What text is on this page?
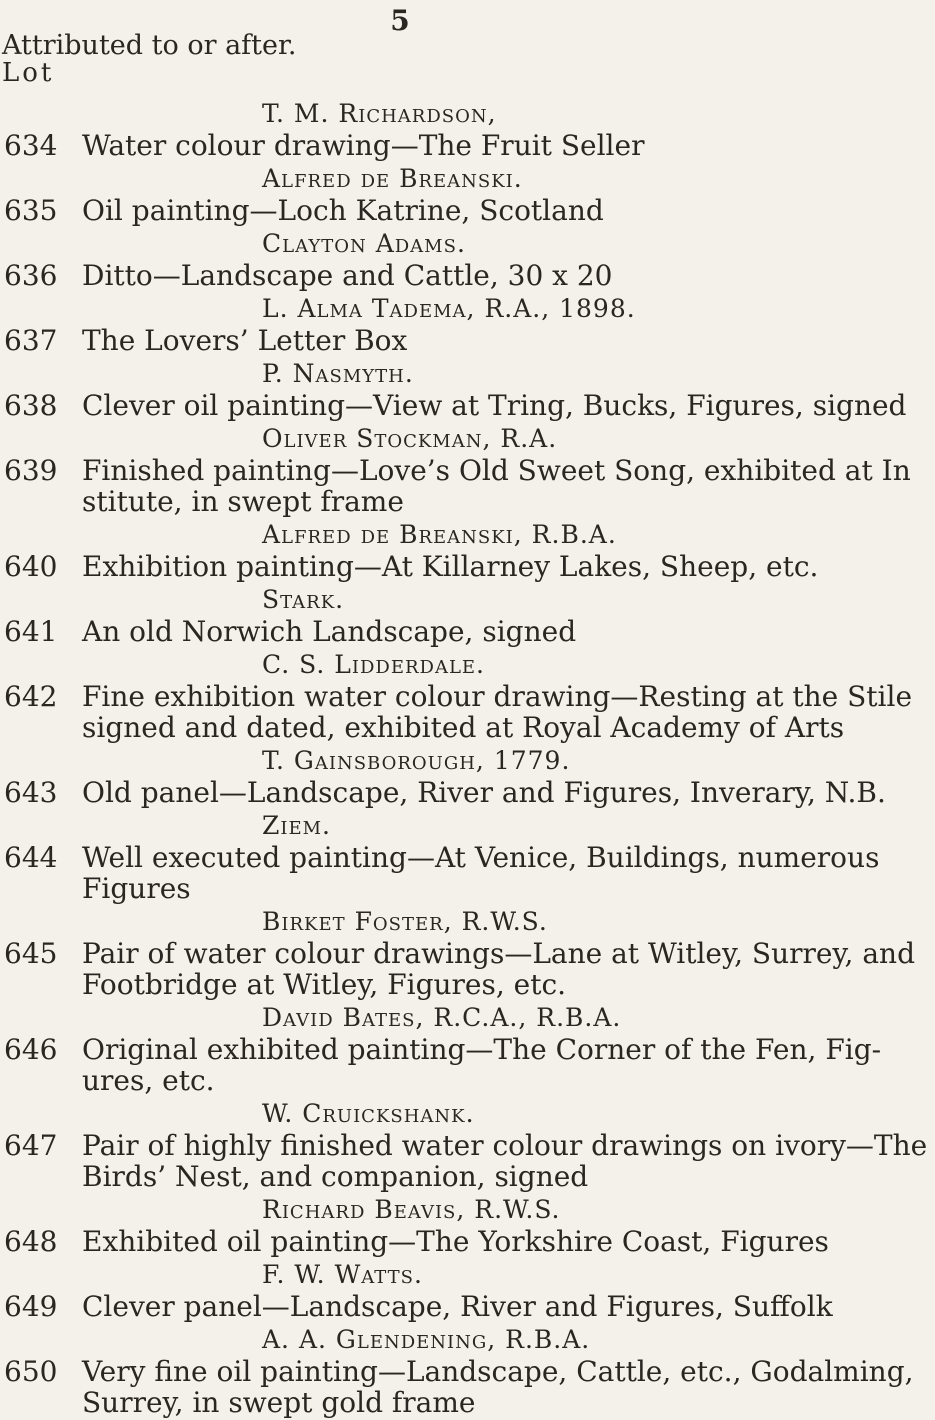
5
Attributed to or after.
Lot
T. M. Richardson,
634 Water colour drawing—The Fruit Seller
Alfred de Breanski.
635 Oil painting—Loch Katrine, Scotland
Clayton Adams.
636 Ditto—Landscape and Cattle, 30 x 20
L. Alma Tadema, R.A., 1898.
637 The Lovers’ Letter Box
P. Nasmyth.
638 Clever oil painting—View at Tring, Bucks, Figures, signed
Oliver Stockman, R.A.
639 Finished painting—Love’s Old Sweet Song, exhibited at In
stitute, in swept frame
Alfred de Breanski, R.B.A.
640 Exhibition painting—At Killarney Lakes, Sheep, etc.
Stark.
641 An old Norwich Landscape, signed
C. S. Lidderdale.
642 Fine exhibition water colour drawing—Resting at the Stile
signed and dated, exhibited at Royal Academy of Arts
T. Gainsborough, 1779.
643 Old panel—Landscape, River and Figures, Inverary, N.B.
Ziem.
644 Well executed painting—At Venice, Buildings, numerous
Figures
Birket Foster, R.W.S.
645 Pair of water colour drawings—Lane at Witley, Surrey, and
Footbridge at Witley, Figures, etc.
David Bates, R.C.A., R.B.A.
646 Original exhibited painting—The Corner of the Fen, Fig-
ures, etc.
W. Cruickshank.
647 Pair of highly finished water colour drawings on ivory—The
Birds’ Nest, and companion, signed
Richard Beavis, R.W.S.
648 Exhibited oil painting—The Yorkshire Coast, Figures
F. W. Watts.
649 Clever panel—Landscape, River and Figures, Suffolk
A. A. Glendening, R.B.A.
650 Very fine oil painting—Landscape, Cattle, etc., Godalming,
Surrey, in swept gold frame
